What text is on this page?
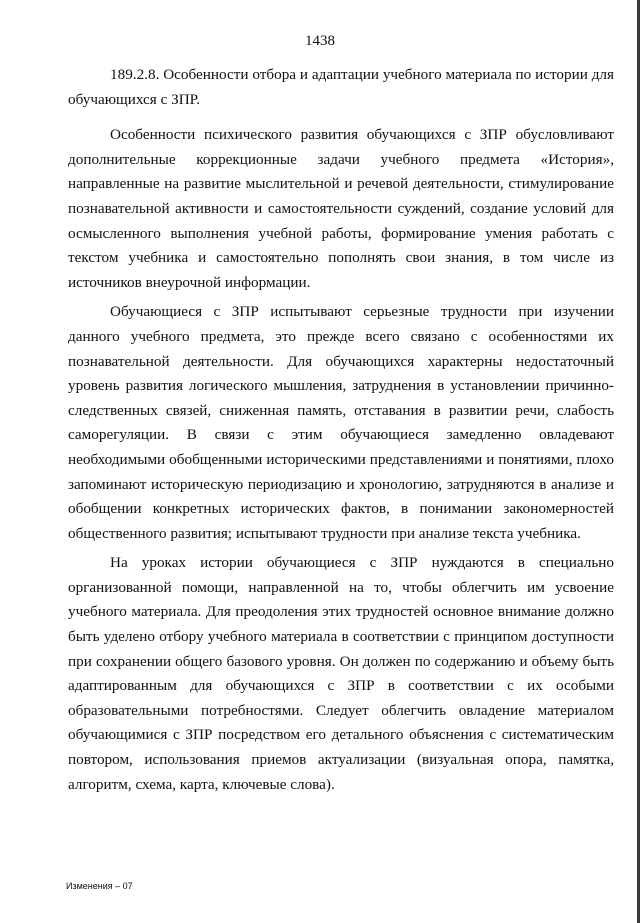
1438

189.2.8. Особенности отбора и адаптации учебного материала по истории для обучающихся с ЗПР.

Особенности психического развития обучающихся с ЗПР обусловливают дополнительные коррекционные задачи учебного предмета «История», направленные на развитие мыслительной и речевой деятельности, стимулирование познавательной активности и самостоятельности суждений, создание условий для осмысленного выполнения учебной работы, формирование умения работать с текстом учебника и самостоятельно пополнять свои знания, в том числе из источников внеурочной информации.

Обучающиеся с ЗПР испытывают серьезные трудности при изучении данного учебного предмета, это прежде всего связано с особенностями их познавательной деятельности. Для обучающихся характерны недостаточный уровень развития логического мышления, затруднения в установлении причинно-следственных связей, сниженная память, отставания в развитии речи, слабость саморегуляции. В связи с этим обучающиеся замедленно овладевают необходимыми обобщенными историческими представлениями и понятиями, плохо запоминают историческую периодизацию и хронологию, затрудняются в анализе и обобщении конкретных исторических фактов, в понимании закономерностей общественного развития; испытывают трудности при анализе текста учебника.

На уроках истории обучающиеся с ЗПР нуждаются в специально организованной помощи, направленной на то, чтобы облегчить им усвоение учебного материала. Для преодоления этих трудностей основное внимание должно быть уделено отбору учебного материала в соответствии с принципом доступности при сохранении общего базового уровня. Он должен по содержанию и объему быть адаптированным для обучающихся с ЗПР в соответствии с их особыми образовательными потребностями. Следует облегчить овладение материалом обучающимися с ЗПР посредством его детального объяснения с систематическим повтором, использования приемов актуализации (визуальная опора, памятка, алгоритм, схема, карта, ключевые слова).

Изменения – 07
